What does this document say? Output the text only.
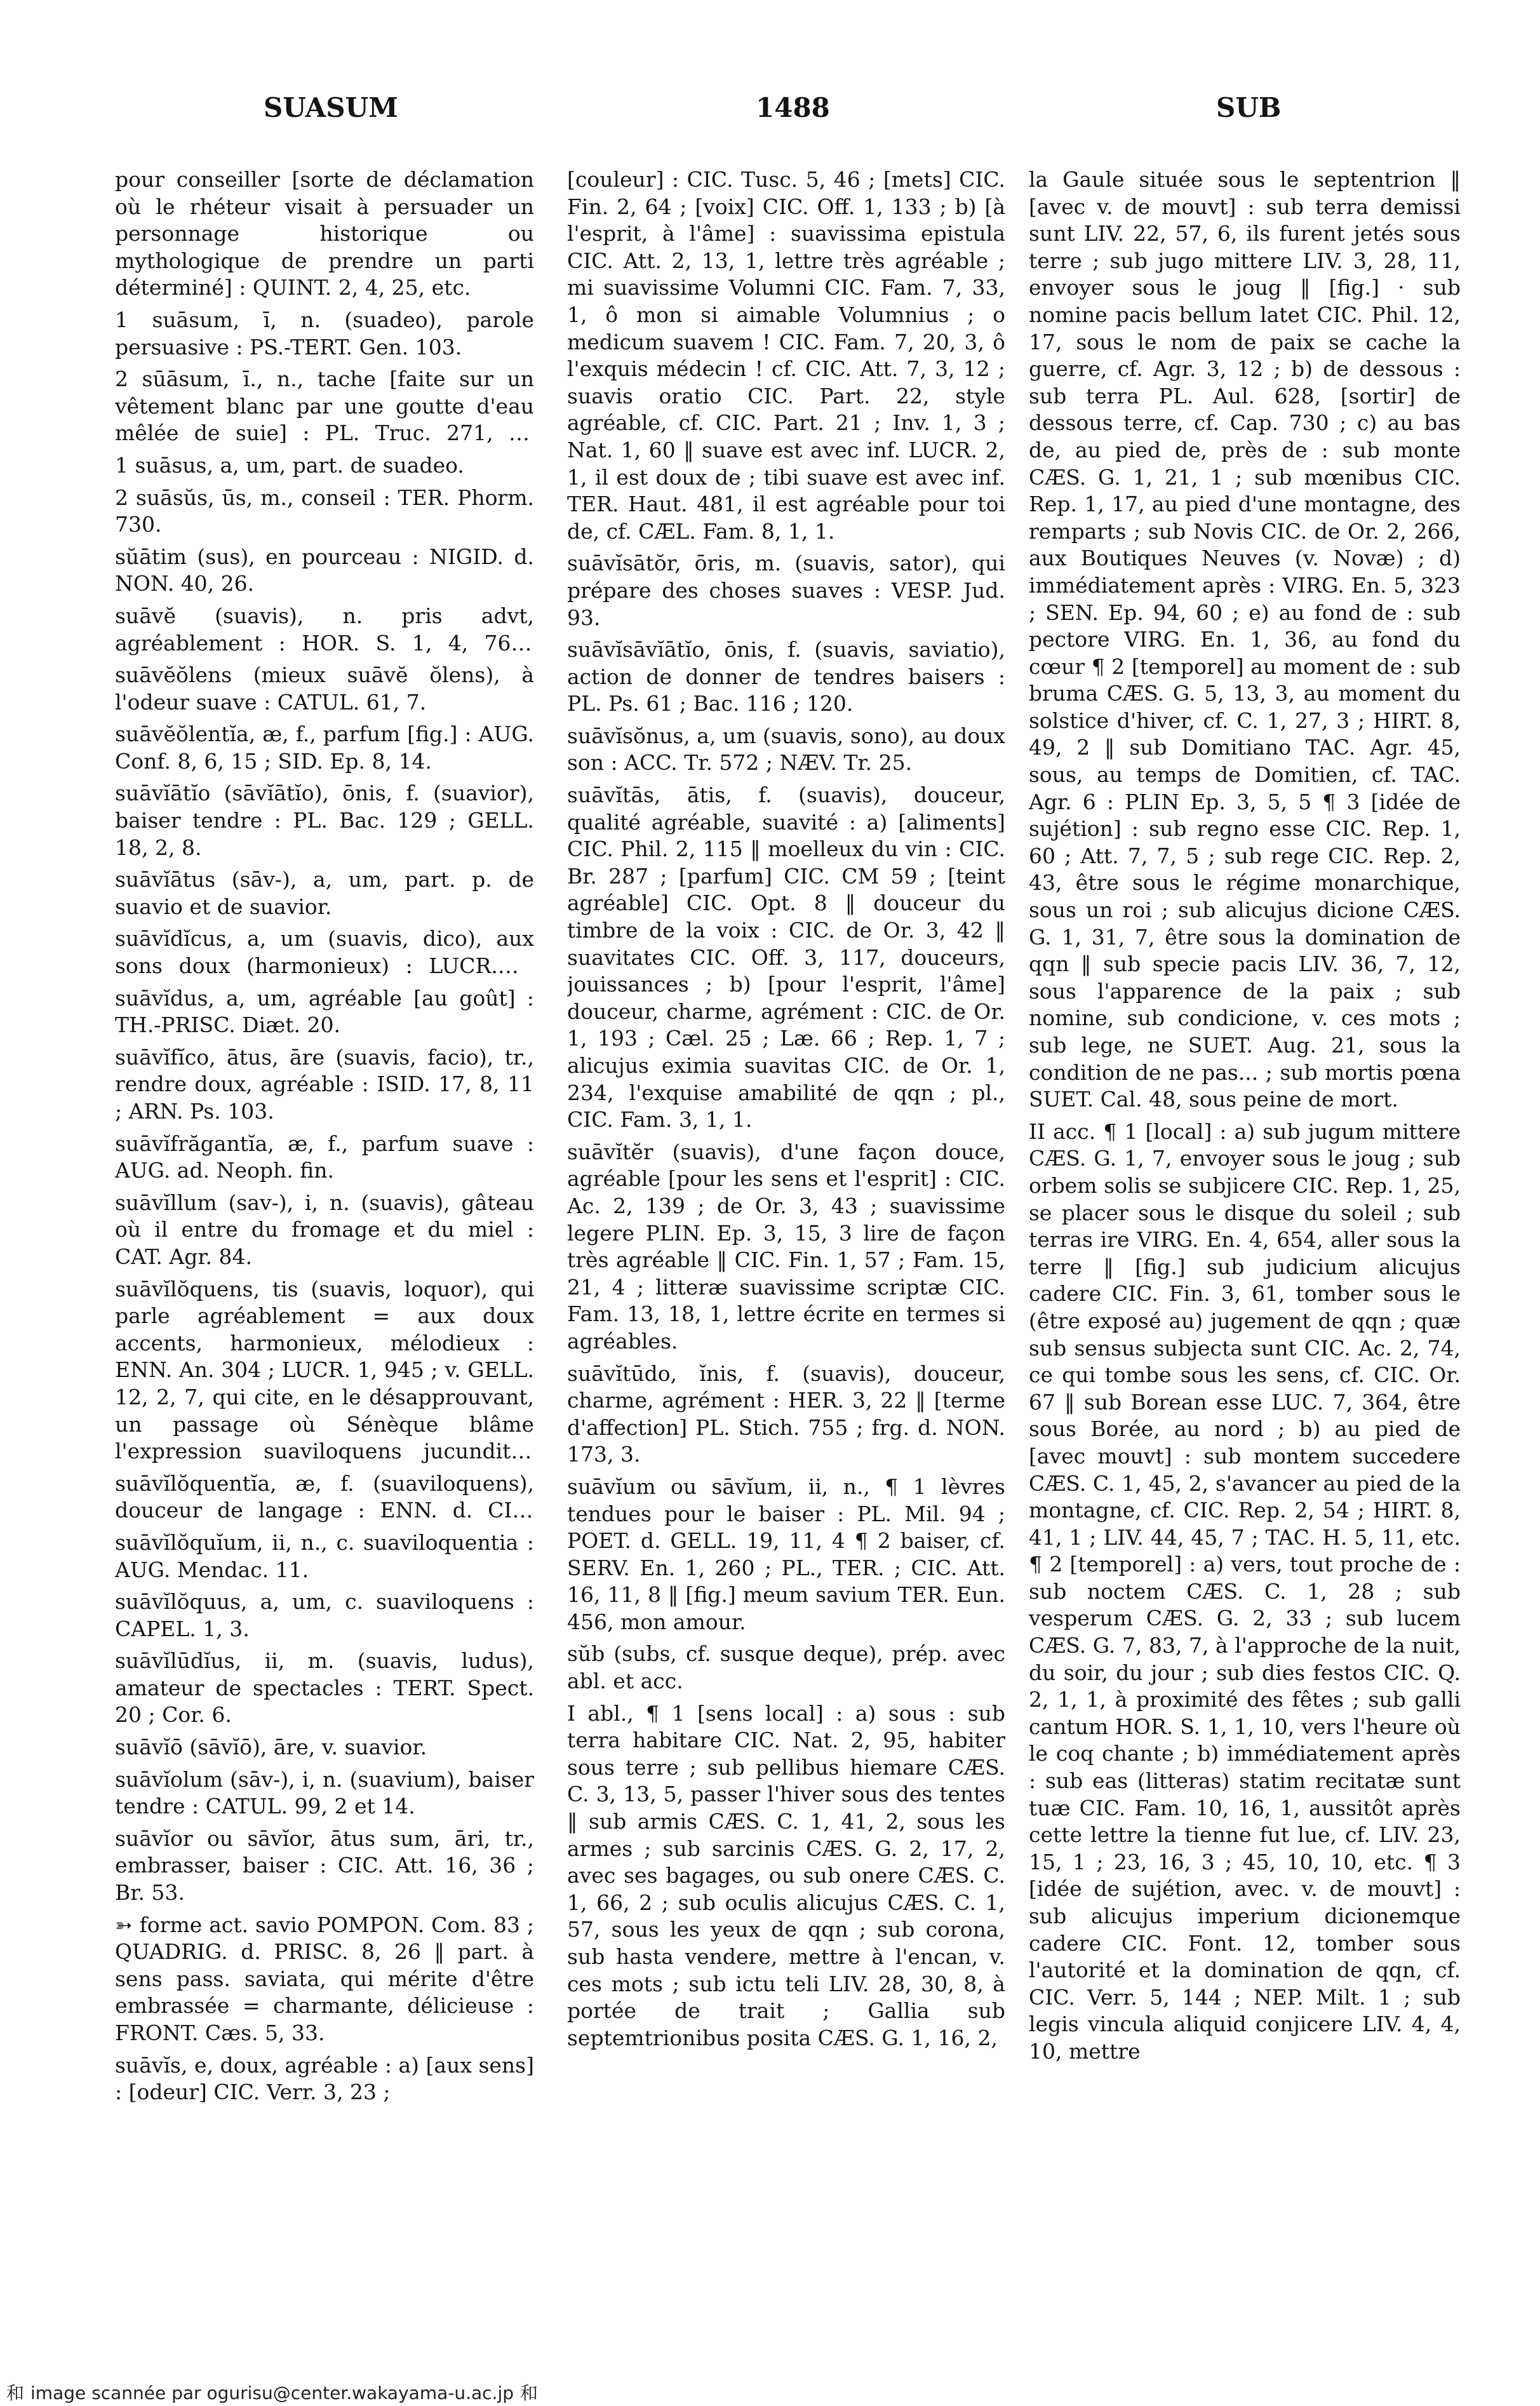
SUASUM	1488	SUB

pour conseiller [sorte de déclamation où le rhéteur visait à persuader un personnage historique ou mythologique de prendre un parti déterminé] : QUINT. 2, 4, 25, etc.

1 suāsum, ī, n. (suadeo), parole persuasive : PS.-TERT. Gen. 103.

2 sūāsum, ī., n., tache [faite sur un vêtement blanc par une goutte d'eau mêlée de suie] : PL. Truc. 271, cf.

1 suāsus, a, um, part. de suadeo.

2 suāsŭs, ūs, m., conseil : TER. Phorm. 730.

sŭātim (sus), en pourceau : NIGID. d. NON. 40, 26.

suāvĕ (suavis), n. pris advt, agréablement : HOR. S. 1, 4, 76 ;

suāvĕŏlens (mieux suāvĕ ŏlens), à l'odeur suave : CATUL. 61, 7.

suāvĕŏlentĭa, æ, f., parfum [fig.] : AUG. Conf. 8, 6, 15 ; SID. Ep. 8, 14.

suāvĭātĭo (sāvĭātĭo), ōnis, f. (suavior), baiser tendre : PL. Bac. 129 ; GELL. 18, 2, 8.

suāvĭātus (sāv-), a, um, part. p. de suavio et de suavior.

suāvĭdĭcus, a, um (suavis, dico), aux sons doux (harmonieux) : LUCR. 4,

suāvĭdus, a, um, agréable [au goût] : TH.-PRISC. Diæt. 20.

suāvĭfĭco, ātus, āre (suavis, facio), tr., rendre doux, agréable : ISID. 17, 8, 11 ; ARN. Ps. 103.

suāvĭfrăgantĭa, æ, f., parfum suave : AUG. ad. Neoph. fin.

suāvĭllum (sav-), i, n. (suavis), gâteau où il entre du fromage et du miel : CAT. Agr. 84.

suāvĭlŏquens, tis (suavis, loquor), qui parle agréablement = aux doux accents, harmonieux, mélodieux : ENN. An. 304 ; LUCR. 1, 945 ; v. GELL. 12, 2, 7, qui cite, en le désapprouvant, un passage où Sénèque blâme l'expression suaviloquens jucunditas

suāvĭlŏquentĭa, æ, f. (suaviloquens), douceur de langage : ENN. d. CIC.

suāvĭlŏquĭum, ii, n., c. suaviloquentia : AUG. Mendac. 11.

suāvĭlŏquus, a, um, c. suaviloquens : CAPEL. 1, 3.

suāvĭlūdĭus, ii, m. (suavis, ludus), amateur de spectacles : TERT. Spect. 20 ; Cor. 6.

suāvĭō (sāvĭō), āre, v. suavior.

suāvĭolum (sāv-), i, n. (suavium), baiser tendre : CATUL. 99, 2 et 14.

suāvĭor ou sāvĭor, ātus sum, āri, tr., embrasser, baiser : CIC. Att. 16, 36 ; Br. 53.

➳ forme act. savio POMPON. Com. 83 ; QUADRIG. d. PRISC. 8, 26 ‖ part. à sens pass. saviata, qui mérite d'être embrassée = charmante, délicieuse : FRONT. Cæs. 5, 33.

suāvĭs, e, doux, agréable : a) [aux sens] : [odeur] CIC. Verr. 3, 23 ;

[couleur] : CIC. Tusc. 5, 46 ; [mets] CIC. Fin. 2, 64 ; [voix] CIC. Off. 1, 133 ; b) [à l'esprit, à l'âme] : suavissima epistula CIC. Att. 2, 13, 1, lettre très agréable ; mi suavissime Volumni CIC. Fam. 7, 33, 1, ô mon si aimable Volumnius ; o medicum suavem ! CIC. Fam. 7, 20, 3, ô l'exquis médecin ! cf. CIC. Att. 7, 3, 12 ; suavis oratio CIC. Part. 22, style agréable, cf. CIC. Part. 21 ; Inv. 1, 3 ; Nat. 1, 60 ‖ suave est avec inf. LUCR. 2, 1, il est doux de ; tibi suave est avec inf. TER. Haut. 481, il est agréable pour toi de, cf. CÆL. Fam. 8, 1, 1.

suāvĭsātŏr, ōris, m. (suavis, sator), qui prépare des choses suaves : VESP. Jud. 93.

suāvĭsāvĭātĭo, ōnis, f. (suavis, saviatio), action de donner de tendres baisers : PL. Ps. 61 ; Bac. 116 ; 120.

suāvĭsŏnus, a, um (suavis, sono), au doux son : ACC. Tr. 572 ; NÆV. Tr. 25.

suāvĭtās, ātis, f. (suavis), douceur, qualité agréable, suavité : a) [aliments] CIC. Phil. 2, 115 ‖ moelleux du vin : CIC. Br. 287 ; [parfum] CIC. CM 59 ; [teint agréable] CIC. Opt. 8 ‖ douceur du timbre de la voix : CIC. de Or. 3, 42 ‖ suavitates CIC. Off. 3, 117, douceurs, jouissances ; b) [pour l'esprit, l'âme] douceur, charme, agrément : CIC. de Or. 1, 193 ; Cæl. 25 ; Læ. 66 ; Rep. 1, 7 ; alicujus eximia suavitas CIC. de Or. 1, 234, l'exquise amabilité de qqn ; pl., CIC. Fam. 3, 1, 1.

suāvĭtĕr (suavis), d'une façon douce, agréable [pour les sens et l'esprit] : CIC. Ac. 2, 139 ; de Or. 3, 43 ; suavissime legere PLIN. Ep. 3, 15, 3 lire de façon très agréable ‖ CIC. Fin. 1, 57 ; Fam. 15, 21, 4 ; litteræ suavissime scriptæ CIC. Fam. 13, 18, 1, lettre écrite en termes si agréables.

suāvĭtūdo, ĭnis, f. (suavis), douceur, charme, agrément : HER. 3, 22 ‖ [terme d'affection] PL. Stich. 755 ; frg. d. NON. 173, 3.

suāvĭum ou sāvĭum, ii, n., ¶ 1 lèvres tendues pour le baiser : PL. Mil. 94 ; POET. d. GELL. 19, 11, 4 ¶ 2 baiser, cf. SERV. En. 1, 260 ; PL., TER. ; CIC. Att. 16, 11, 8 ‖ [fig.] meum savium TER. Eun. 456, mon amour.

sŭb (subs, cf. susque deque), prép. avec abl. et acc.

I abl., ¶ 1 [sens local] : a) sous : sub terra habitare CIC. Nat. 2, 95, habiter sous terre ; sub pellibus hiemare CÆS. C. 3, 13, 5, passer l'hiver sous des tentes ‖ sub armis CÆS. C. 1, 41, 2, sous les armes ; sub sarcinis CÆS. G. 2, 17, 2, avec ses bagages, ou sub onere CÆS. C. 1, 66, 2 ; sub oculis alicujus CÆS. C. 1, 57, sous les yeux de qqn ; sub corona, sub hasta vendere, mettre à l'encan, v. ces mots ; sub ictu teli LIV. 28, 30, 8, à portée de trait ; Gallia sub septemtrionibus posita CÆS. G. 1, 16, 2,

la Gaule située sous le septentrion ‖ [avec v. de mouvt] : sub terra demissi sunt LIV. 22, 57, 6, ils furent jetés sous terre ; sub jugo mittere LIV. 3, 28, 11, envoyer sous le joug ‖ [fig.] · sub nomine pacis bellum latet CIC. Phil. 12, 17, sous le nom de paix se cache la guerre, cf. Agr. 3, 12 ; b) de dessous : sub terra PL. Aul. 628, [sortir] de dessous terre, cf. Cap. 730 ; c) au bas de, au pied de, près de : sub monte CÆS. G. 1, 21, 1 ; sub mœnibus CIC. Rep. 1, 17, au pied d'une montagne, des remparts ; sub Novis CIC. de Or. 2, 266, aux Boutiques Neuves (v. Novæ) ; d) immédiatement après : VIRG. En. 5, 323 ; SEN. Ep. 94, 60 ; e) au fond de : sub pectore VIRG. En. 1, 36, au fond du cœur ¶ 2 [temporel] au moment de : sub bruma CÆS. G. 5, 13, 3, au moment du solstice d'hiver, cf. C. 1, 27, 3 ; HIRT. 8, 49, 2 ‖ sub Domitiano TAC. Agr. 45, sous, au temps de Domitien, cf. TAC. Agr. 6 : PLIN Ep. 3, 5, 5 ¶ 3 [idée de sujétion] : sub regno esse CIC. Rep. 1, 60 ; Att. 7, 7, 5 ; sub rege CIC. Rep. 2, 43, être sous le régime monarchique, sous un roi ; sub alicujus dicione CÆS. G. 1, 31, 7, être sous la domination de qqn ‖ sub specie pacis LIV. 36, 7, 12, sous l'apparence de la paix ; sub nomine, sub condicione, v. ces mots ; sub lege, ne SUET. Aug. 21, sous la condition de ne pas... ; sub mortis pœna SUET. Cal. 48, sous peine de mort.

II acc. ¶ 1 [local] : a) sub jugum mittere CÆS. G. 1, 7, envoyer sous le joug ; sub orbem solis se subjicere CIC. Rep. 1, 25, se placer sous le disque du soleil ; sub terras ire VIRG. En. 4, 654, aller sous la terre ‖ [fig.] sub judicium alicujus cadere CIC. Fin. 3, 61, tomber sous le (être exposé au) jugement de qqn ; quæ sub sensus subjecta sunt CIC. Ac. 2, 74, ce qui tombe sous les sens, cf. CIC. Or. 67 ‖ sub Borean esse LUC. 7, 364, être sous Borée, au nord ; b) au pied de [avec mouvt] : sub montem succedere CÆS. C. 1, 45, 2, s'avancer au pied de la montagne, cf. CIC. Rep. 2, 54 ; HIRT. 8, 41, 1 ; LIV. 44, 45, 7 ; TAC. H. 5, 11, etc. ¶ 2 [temporel] : a) vers, tout proche de : sub noctem CÆS. C. 1, 28 ; sub vesperum CÆS. G. 2, 33 ; sub lucem CÆS. G. 7, 83, 7, à l'approche de la nuit, du soir, du jour ; sub dies festos CIC. Q. 2, 1, 1, à proximité des fêtes ; sub galli cantum HOR. S. 1, 1, 10, vers l'heure où le coq chante ; b) immédiatement après : sub eas (litteras) statim recitatæ sunt tuæ CIC. Fam. 10, 16, 1, aussitôt après cette lettre la tienne fut lue, cf. LIV. 23, 15, 1 ; 23, 16, 3 ; 45, 10, 10, etc. ¶ 3 [idée de sujétion, avec. v. de mouvt] : sub alicujus imperium dicionemque cadere CIC. Font. 12, tomber sous l'autorité et la domination de qqn, cf. CIC. Verr. 5, 144 ; NEP. Milt. 1 ; sub legis vincula aliquid conjicere LIV. 4, 4, 10, mettre

和 image scannée par ogurisu@center.wakayama-u.ac.jp 和
